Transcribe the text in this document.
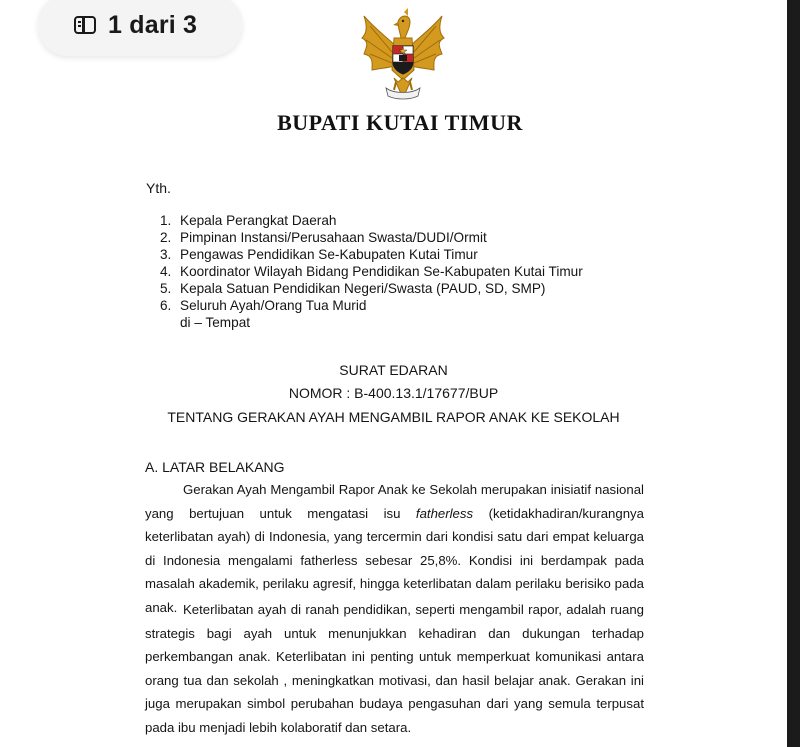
1 dari 3
BUPATI KUTAI TIMUR
Yth.
1. Kepala Perangkat Daerah
2. Pimpinan Instansi/Perusahaan Swasta/DUDI/Ormit
3. Pengawas Pendidikan Se-Kabupaten Kutai Timur
4. Koordinator Wilayah Bidang Pendidikan Se-Kabupaten Kutai Timur
5. Kepala Satuan Pendidikan Negeri/Swasta (PAUD, SD, SMP)
6. Seluruh Ayah/Orang Tua Murid
di – Tempat
SURAT EDARAN
NOMOR : B-400.13.1/17677/BUP
TENTANG GERAKAN AYAH MENGAMBIL RAPOR ANAK KE SEKOLAH
A. LATAR BELAKANG

Gerakan Ayah Mengambil Rapor Anak ke Sekolah merupakan inisiatif nasional yang bertujuan untuk mengatasi isu fatherless (ketidakhadiran/kurangnya keterlibatan ayah) di Indonesia, yang tercermin dari kondisi satu dari empat keluarga di Indonesia mengalami fatherless sebesar 25,8%. Kondisi ini berdampak pada masalah akademik, perilaku agresif, hingga keterlibatan dalam perilaku berisiko pada anak. Keterlibatan ayah di ranah pendidikan, seperti mengambil rapor, adalah ruang strategis bagi ayah untuk menunjukkan kehadiran dan dukungan terhadap perkembangan anak. Keterlibatan ini penting untuk memperkuat komunikasi antara orang tua dan sekolah , meningkatkan motivasi, dan hasil belajar anak. Gerakan ini juga merupakan simbol perubahan budaya pengasuhan dari yang semula terpusat pada ibu menjadi lebih kolaboratif dan setara.
